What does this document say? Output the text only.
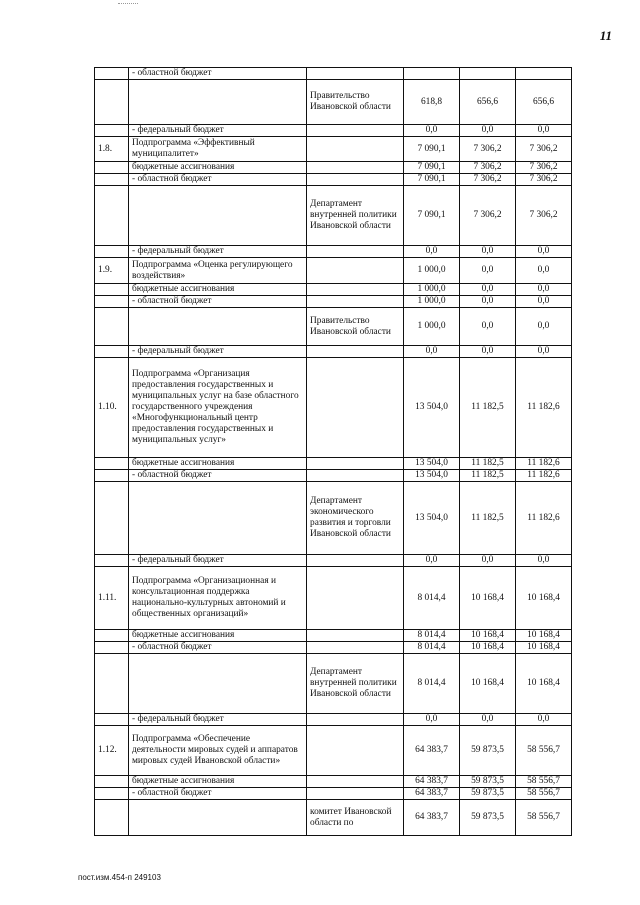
11
	- областной бюджет				
		Правительство Ивановской области	618,8	656,6	656,6
	- федеральный бюджет		0,0	0,0	0,0
1.8.	Подпрограмма «Эффективный муниципалитет»		7 090,1	7 306,2	7 306,2
	бюджетные ассигнования		7 090,1	7 306,2	7 306,2
	- областной бюджет		7 090,1	7 306,2	7 306,2
		Департамент внутренней политики Ивановской области	7 090,1	7 306,2	7 306,2
	- федеральный бюджет		0,0	0,0	0,0
1.9.	Подпрограмма «Оценка регулирующего воздействия»		1 000,0	0,0	0,0
	бюджетные ассигнования		1 000,0	0,0	0,0
	- областной бюджет		1 000,0	0,0	0,0
		Правительство Ивановской области	1 000,0	0,0	0,0
	- федеральный бюджет		0,0	0,0	0,0
1.10.	Подпрограмма «Организация предоставления государственных и муниципальных услуг на базе областного государственного учреждения «Многофункциональный центр предоставления государственных и муниципальных услуг»		13 504,0	11 182,5	11 182,6
	бюджетные ассигнования		13 504,0	11 182,5	11 182,6
	- областной бюджет		13 504,0	11 182,5	11 182,6
		Департамент экономического развития и торговли Ивановской области	13 504,0	11 182,5	11 182,6
	- федеральный бюджет		0,0	0,0	0,0
1.11.	Подпрограмма «Организационная и консультационная поддержка национально-культурных автономий и общественных организаций»		8 014,4	10 168,4	10 168,4
	бюджетные ассигнования		8 014,4	10 168,4	10 168,4
	- областной бюджет		8 014,4	10 168,4	10 168,4
		Департамент внутренней политики Ивановской области	8 014,4	10 168,4	10 168,4
	- федеральный бюджет		0,0	0,0	0,0
1.12.	Подпрограмма «Обеспечение деятельности мировых судей и аппаратов мировых судей Ивановской области»		64 383,7	59 873,5	58 556,7
	бюджетные ассигнования		64 383,7	59 873,5	58 556,7
	- областной бюджет		64 383,7	59 873,5	58 556,7
		комитет Ивановской области по	64 383,7	59 873,5	58 556,7
пост.изм.454-п 249103
